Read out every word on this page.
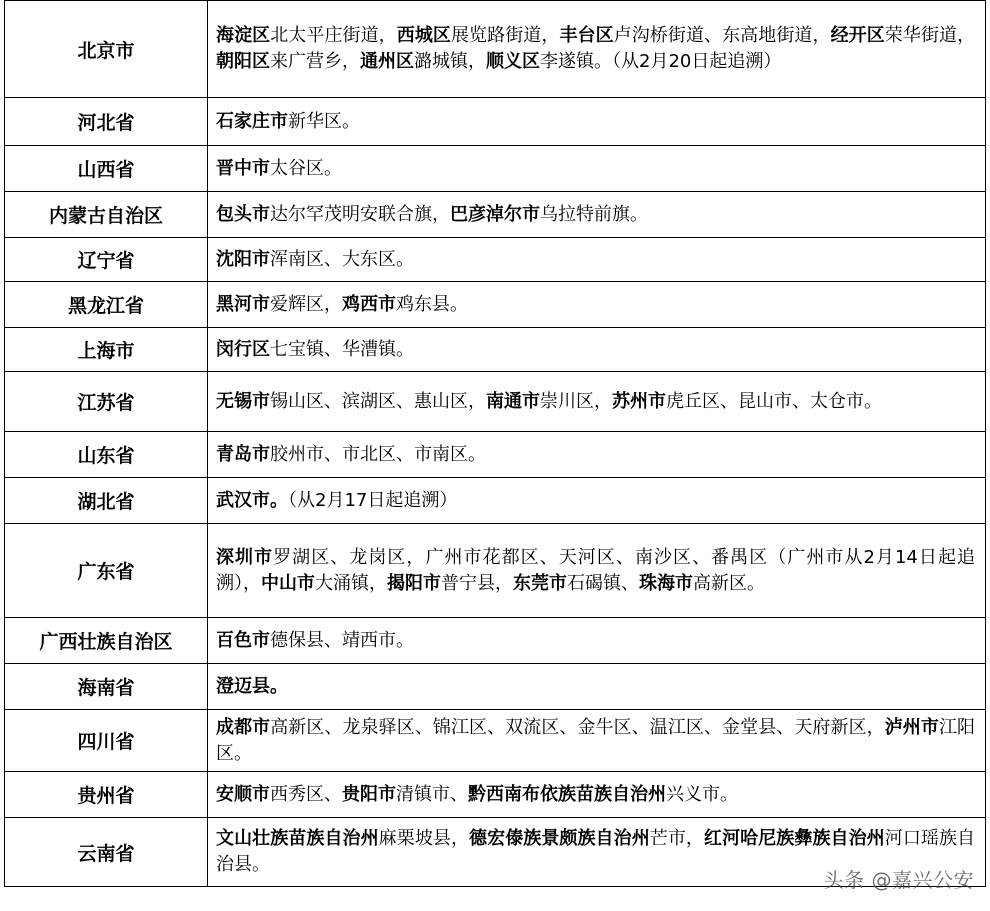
北京市	海淀区北太平庄街道，西城区展览路街道，丰台区卢沟桥街道、东高地街道，经开区荣华街道，朝阳区来广营乡，通州区潞城镇，顺义区李遂镇。（从2月20日起追溯）
河北省	石家庄市新华区。
山西省	晋中市太谷区。
内蒙古自治区	包头市达尔罕茂明安联合旗，巴彦淖尔市乌拉特前旗。
辽宁省	沈阳市浑南区、大东区。
黑龙江省	黑河市爱辉区，鸡西市鸡东县。
上海市	闵行区七宝镇、华漕镇。
江苏省	无锡市锡山区、滨湖区、惠山区，南通市崇川区，苏州市虎丘区、昆山市、太仓市。
山东省	青岛市胶州市、市北区、市南区。
湖北省	武汉市。（从2月17日起追溯）
广东省	深圳市罗湖区、龙岗区，广州市花都区、天河区、南沙区、番禺区（广州市从2月14日起追溯），中山市大涌镇，揭阳市普宁县，东莞市石碣镇、珠海市高新区。
广西壮族自治区	百色市德保县、靖西市。
海南省	澄迈县。
四川省	成都市高新区、龙泉驿区、锦江区、双流区、金牛区、温江区、金堂县、天府新区，泸州市江阳区。
贵州省	安顺市西秀区、贵阳市清镇市、黔西南布依族苗族自治州兴义市。
云南省	文山壮族苗族自治州麻栗坡县，德宏傣族景颇族自治州芒市，红河哈尼族彝族自治州河口瑶族自治县。
头条 @嘉兴公安
